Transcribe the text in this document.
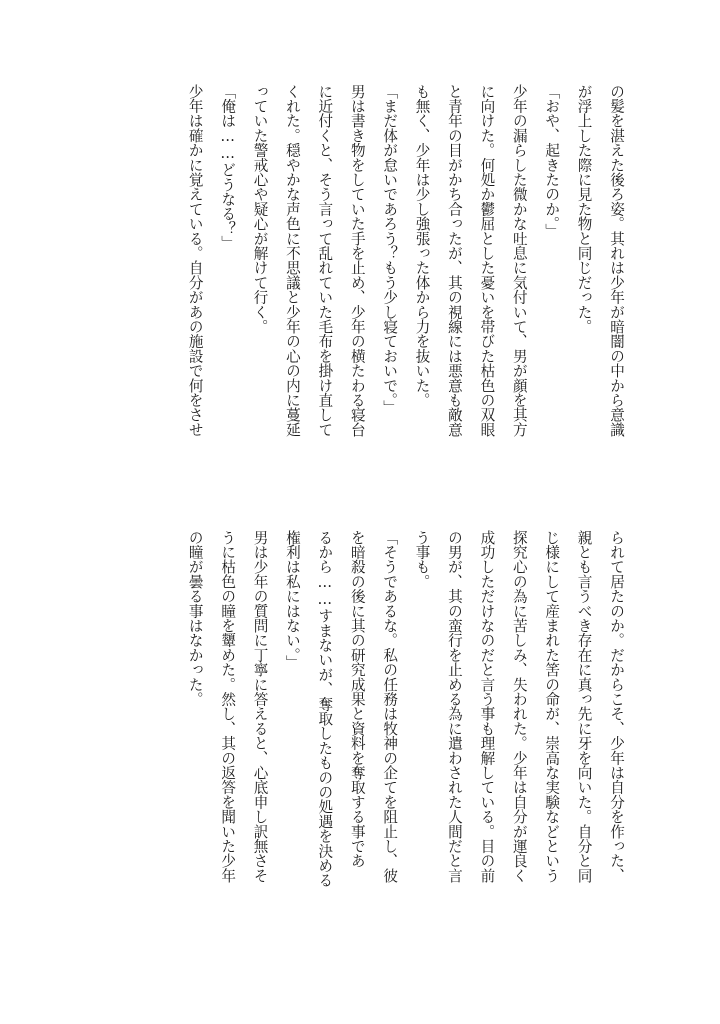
の髪を湛えた後ろ姿。其れは少年が暗闇の中から意識

が浮上した際に見た物と同じだった。

「おや、起きたのか。」

少年の漏らした微かな吐息に気付いて、男が顔を其方

に向けた。何処か鬱屈とした憂いを帯びた枯色の双眼

と青年の目がかち合ったが、其の視線には悪意も敵意

も無く、少年は少し強張った体から力を抜いた。

「まだ体が怠いであろう？もう少し寝ておいで。」

男は書き物をしていた手を止め、少年の横たわる寝台

に近付くと、そう言って乱れていた毛布を掛け直して

くれた。穏やかな声色に不思議と少年の心の内に蔓延

っていた警戒心や疑心が解けて行く。

「俺は……どうなる？」

少年は確かに覚えている。自分があの施設で何をさせ

られて居たのか。だからこそ、少年は自分を作った、

親とも言うべき存在に真っ先に牙を向いた。自分と同

じ様にして産まれた筈の命が、崇高な実験などという

探究心の為に苦しみ、失われた。少年は自分が運良く

成功しただけなのだと言う事も理解している。目の前

の男が、其の蛮行を止める為に遣わされた人間だと言

う事も。

「そうであるな。私の任務は牧神の企てを阻止し、彼

を暗殺の後に其の研究成果と資料を奪取する事であ

るから……すまないが、奪取したものの処遇を決める

権利は私にはない。」

男は少年の質問に丁寧に答えると、心底申し訳無さそ

うに枯色の瞳を顰めた。然し、其の返答を聞いた少年

の瞳が曇る事はなかった。
